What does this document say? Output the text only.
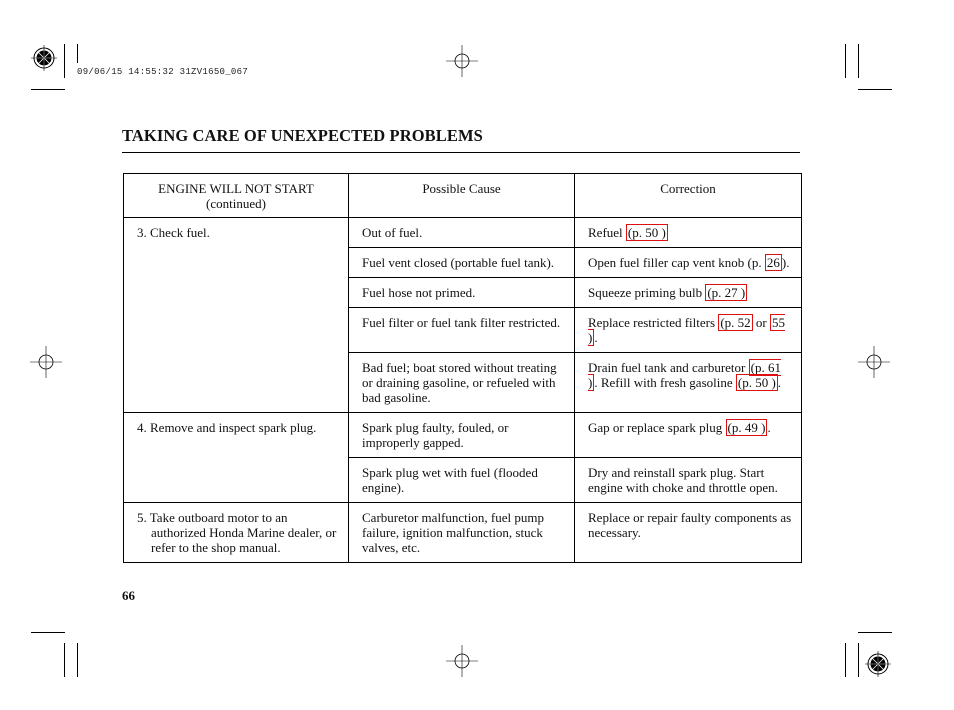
09/06/15 14:55:32 31ZV1650_067
TAKING CARE OF UNEXPECTED PROBLEMS
ENGINE WILL NOT START
(continued)	Possible Cause	Correction

3. Check fuel.	Out of fuel.	Refuel (p. 50 )
	Fuel vent closed (portable fuel tank).	Open fuel filler cap vent knob (p. 26 ).
	Fuel hose not primed.	Squeeze priming bulb (p. 27 )
	Fuel filter or fuel tank filter restricted.	Replace restricted filters (p. 52 or 55 ) .
	Bad fuel; boat stored without treating or draining gasoline, or refueled with bad gasoline.	Drain fuel tank and carburetor (p. 61 ) . Refill with fresh gasoline (p. 50 ) .

4. Remove and inspect spark plug.	Spark plug faulty, fouled, or improperly gapped.	Gap or replace spark plug (p. 49 ) .
	Spark plug wet with fuel (flooded engine).	Dry and reinstall spark plug. Start engine with choke and throttle open.

5. Take outboard motor to an authorized Honda Marine dealer, or refer to the shop manual.	Carburetor malfunction, fuel pump failure, ignition malfunction, stuck valves, etc.	Replace or repair faulty components as necessary.
66
